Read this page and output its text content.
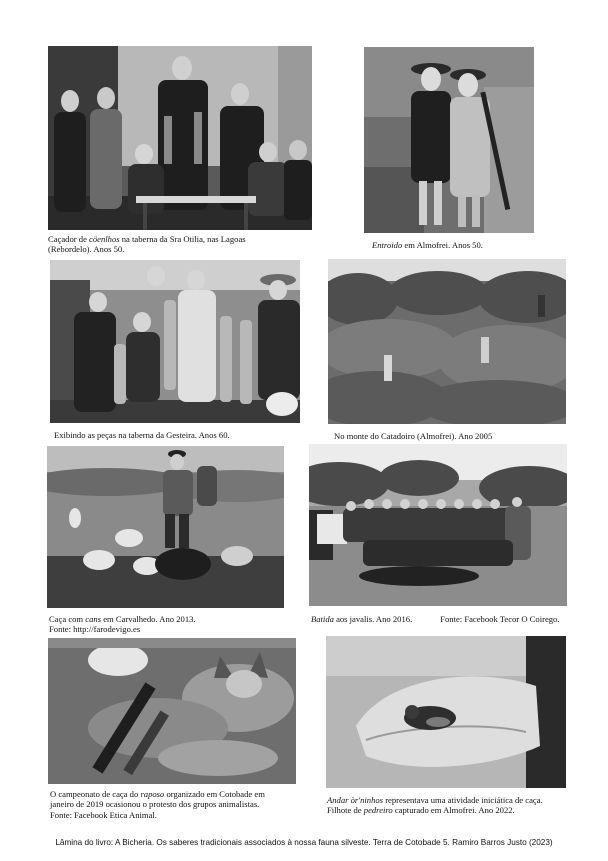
Caçador de cöenlhos na taberna da Sra Otilia, nas Lagoas
(Rebordelo). Anos 50.	Entroido em Almofrei. Anos 50.
Exibindo as peças na taberna da Gesteira. Anos 60.	No monte do Catadoiro (Almofrei). Ano 2005
Caça com cans em Carvalhedo. Ano 2013.
Fonte: http://farodevigo.es
Batida aos javalis. Ano 2016.	Fonte: Facebook Tecor O Coirego.
O campeonato de caça do raposo organizado em Cotobade em
janeiro de 2019 ocasionou o protesto dos grupos animalistas.
Fonte: Facebook Etica Animal.
Andar òr'ninhos representava uma atividade iniciática de caça.
Filhote de pedreiro capturado em Almofrei. Ano 2022.
Lâmina do livro: A Bicheria. Os saberes tradicionais associados à nossa fauna silveste. Terra de Cotobade 5. Ramiro Barros Justo (2023)
